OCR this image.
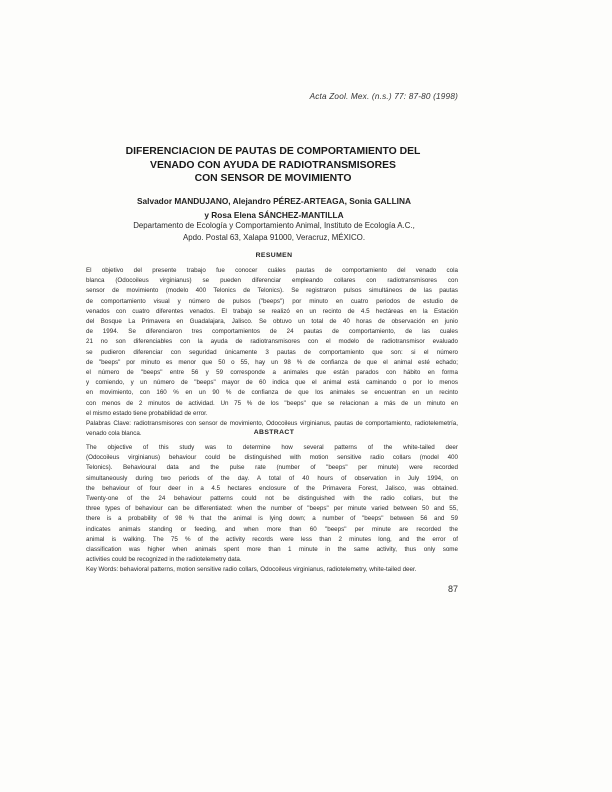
Acta Zool. Mex. (n.s.) 77: 87-80 (1998)
DIFERENCIACION DE PAUTAS DE COMPORTAMIENTO DEL
VENADO CON AYUDA DE RADIOTRANSMISORES
CON SENSOR DE MOVIMIENTO
Salvador MANDUJANO, Alejandro PÉREZ-ARTEAGA, Sonia GALLINA
y Rosa Elena SÁNCHEZ-MANTILLA
Departamento de Ecología y Comportamiento Animal, Instituto de Ecología A.C.,
Apdo. Postal 63, Xalapa 91000, Veracruz, MÉXICO.
RESUMEN
El objetivo del presente trabajo fue conocer cuáles pautas de comportamiento del venado cola
blanca (Odocoileus virginianus) se pueden diferenciar empleando collares con radiotransmisores con
sensor de movimiento (modelo 400 Telonics de Telonics). Se registraron pulsos simultáneos de las pautas
de comportamiento visual y número de pulsos ("beeps") por minuto en cuatro periodos de estudio de
venados con cuatro diferentes venados. El trabajo se realizó en un recinto de 4.5 hectáreas en la Estación
del Bosque La Primavera en Guadalajara, Jalisco. Se obtuvo un total de 40 horas de observación en junio
de 1994. Se diferenciaron tres comportamientos de 24 pautas de comportamiento, de las cuales
21 no son diferenciables con la ayuda de radiotransmisores con el modelo de radiotransmisor evaluado
se pudieron diferenciar con seguridad únicamente 3 pautas de comportamiento que son: si el número
de "beeps" por minuto es menor que 50 o 55, hay un 98 % de confianza de que el animal esté echado;
el número de "beeps" entre 56 y 59 corresponde a animales que están parados con hábito en forma
y comiendo, y un número de "beeps" mayor de 60 indica que el animal está caminando o por lo menos
en movimiento, con 160 % en un 90 % de confianza de que los animales se encuentran en un recinto
con menos de 2 minutos de actividad. Un 75 % de los "beeps" que se relacionan a más de un minuto en
el mismo estado tiene probabilidad de error.
Palabras Clave: radiotransmisores con sensor de movimiento, Odocoileus virginianus, pautas de comportamiento, radiotelemetría, venado cola blanca.	ABSTRACT
The objective of this study was to determine how several patterns of the white-tailed deer
(Odocoileus virginianus) behaviour could be distinguished with motion sensitive radio collars (model 400
Telonics). Behavioural data and the pulse rate (number of "beeps" per minute) were recorded
simultaneously during two periods of the day. A total of 40 hours of observation in July 1994, on
the behaviour of four deer in a 4.5 hectares enclosure of the Primavera Forest, Jalisco, was obtained.
Twenty-one of the 24 behaviour patterns could not be distinguished with the radio collars, but the
three types of behaviour can be differentiated: when the number of "beeps" per minute varied between 50 and 55,
there is a probability of 98 % that the animal is lying down; a number of "beeps" between 56 and 59
indicates animals standing or feeding, and when more than 60 "beeps" per minute are recorded the
animal is walking. The 75 % of the activity records were less than 2 minutes long, and the error of
classification was higher when animals spent more than 1 minute in the same activity, thus only some
activities could be recognized in the radiotelemetry data.
Key Words: behavioral patterns, motion sensitive radio collars, Odocoileus virginianus, radiotelemetry, white-tailed deer.
87
